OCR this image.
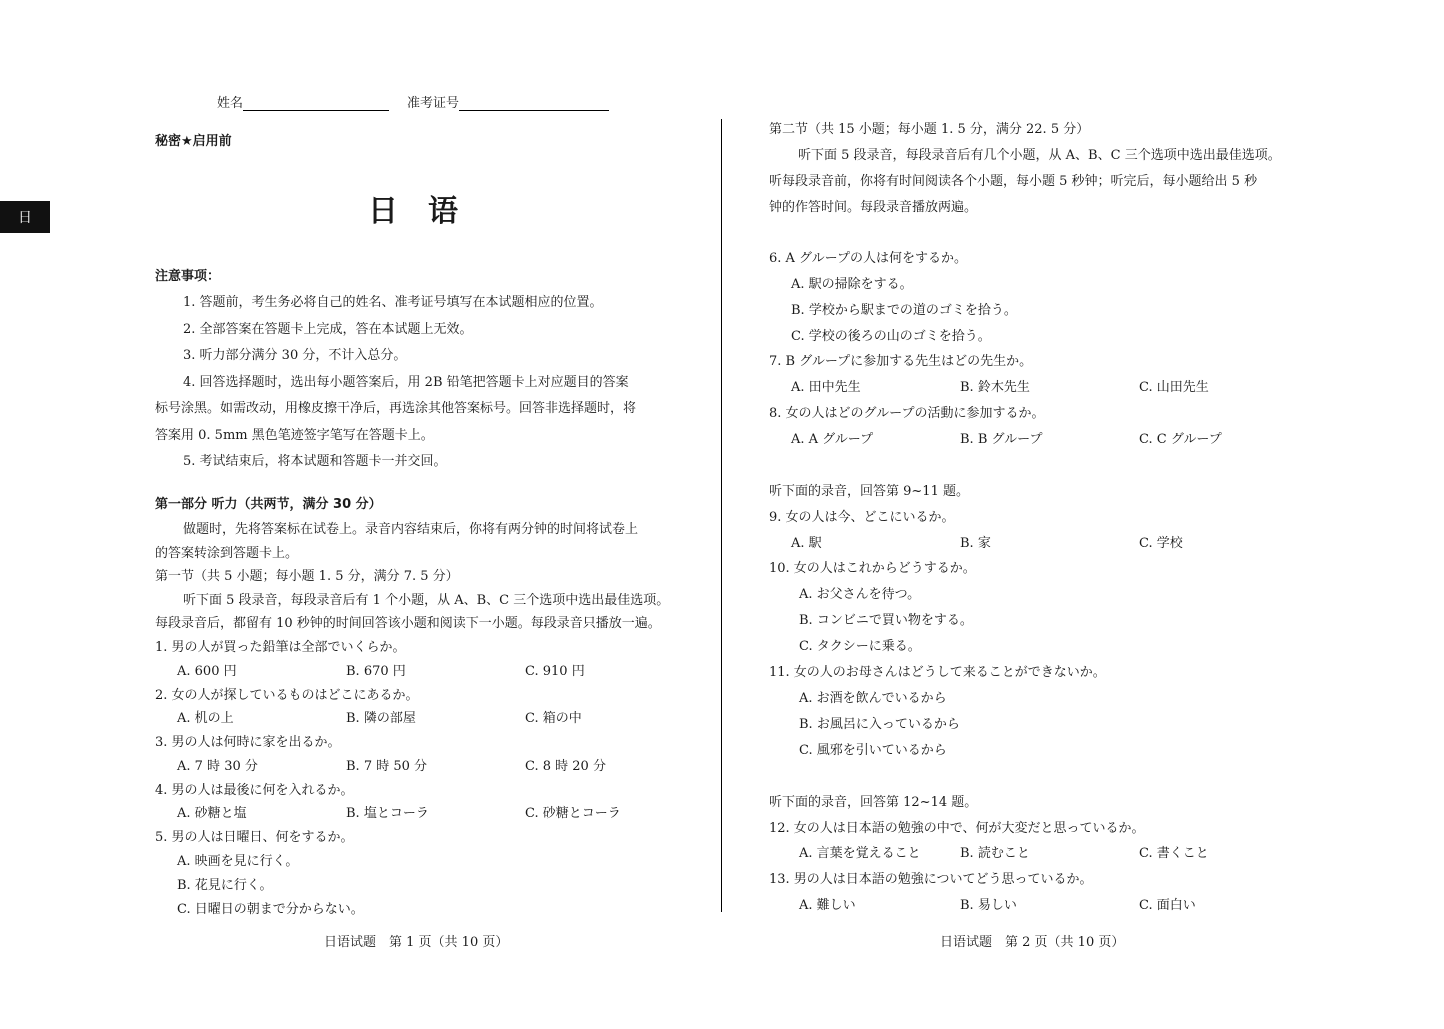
日
姓名	准考证号
秘密★启用前
日　语
注意事项：
1. 答题前，考生务必将自己的姓名、准考证号填写在本试题相应的位置。
2. 全部答案在答题卡上完成，答在本试题上无效。
3. 听力部分满分 30 分，不计入总分。
4. 回答选择题时，选出每小题答案后，用 2B 铅笔把答题卡上对应题目的答案
标号涂黑。如需改动，用橡皮擦干净后，再选涂其他答案标号。回答非选择题时，将
答案用 0. 5mm 黑色笔迹签字笔写在答题卡上。
5. 考试结束后，将本试题和答题卡一并交回。
第一部分 听力（共两节，满分 30 分）
做题时，先将答案标在试卷上。录音内容结束后，你将有两分钟的时间将试卷上
的答案转涂到答题卡上。
第一节（共 5 小题；每小题 1. 5 分，满分 7. 5 分）
听下面 5 段录音，每段录音后有 1 个小题，从 A、B、C 三个选项中选出最佳选项。
每段录音后，都留有 10 秒钟的时间回答该小题和阅读下一小题。每段录音只播放一遍。
1. 男の人が買った鉛筆は全部でいくらか。
A. 600 円	B. 670 円	C. 910 円
2. 女の人が探しているものはどこにあるか。
A. 机の上	B. 隣の部屋	C. 箱の中
3. 男の人は何時に家を出るか。
A. 7 時 30 分	B. 7 時 50 分	C. 8 時 20 分
4. 男の人は最後に何を入れるか。
A. 砂糖と塩	B. 塩とコーラ	C. 砂糖とコーラ
5. 男の人は日曜日、何をするか。
A. 映画を見に行く。
B. 花見に行く。
C. 日曜日の朝まで分からない。
第二节（共 15 小题；每小题 1. 5 分，满分 22. 5 分）
听下面 5 段录音，每段录音后有几个小题，从 A、B、C 三个选项中选出最佳选项。
听每段录音前，你将有时间阅读各个小题，每小题 5 秒钟；听完后，每小题给出 5 秒
钟的作答时间。每段录音播放两遍。
6. A グループの人は何をするか。
A. 駅の掃除をする。
B. 学校から駅までの道のゴミを拾う。
C. 学校の後ろの山のゴミを拾う。
7. B グループに参加する先生はどの先生か。
A. 田中先生	B. 鈴木先生	C. 山田先生
8. 女の人はどのグループの活動に参加するか。
A. A グループ	B. B グループ	C. C グループ
听下面的录音，回答第 9~11 题。
9. 女の人は今、どこにいるか。
A. 駅	B. 家	C. 学校
10. 女の人はこれからどうするか。
A. お父さんを待つ。
B. コンビニで買い物をする。
C. タクシーに乗る。
11. 女の人のお母さんはどうして来ることができないか。
A. お酒を飲んでいるから
B. お風呂に入っているから
C. 風邪を引いているから
听下面的录音，回答第 12~14 题。
12. 女の人は日本語の勉強の中で、何が大変だと思っているか。
A. 言葉を覚えること	B. 読むこと	C. 書くこと
13. 男の人は日本語の勉強についてどう思っているか。
A. 難しい	B. 易しい	C. 面白い
日语试题　第 1 页（共 10 页）	日语试题　第 2 页（共 10 页）
